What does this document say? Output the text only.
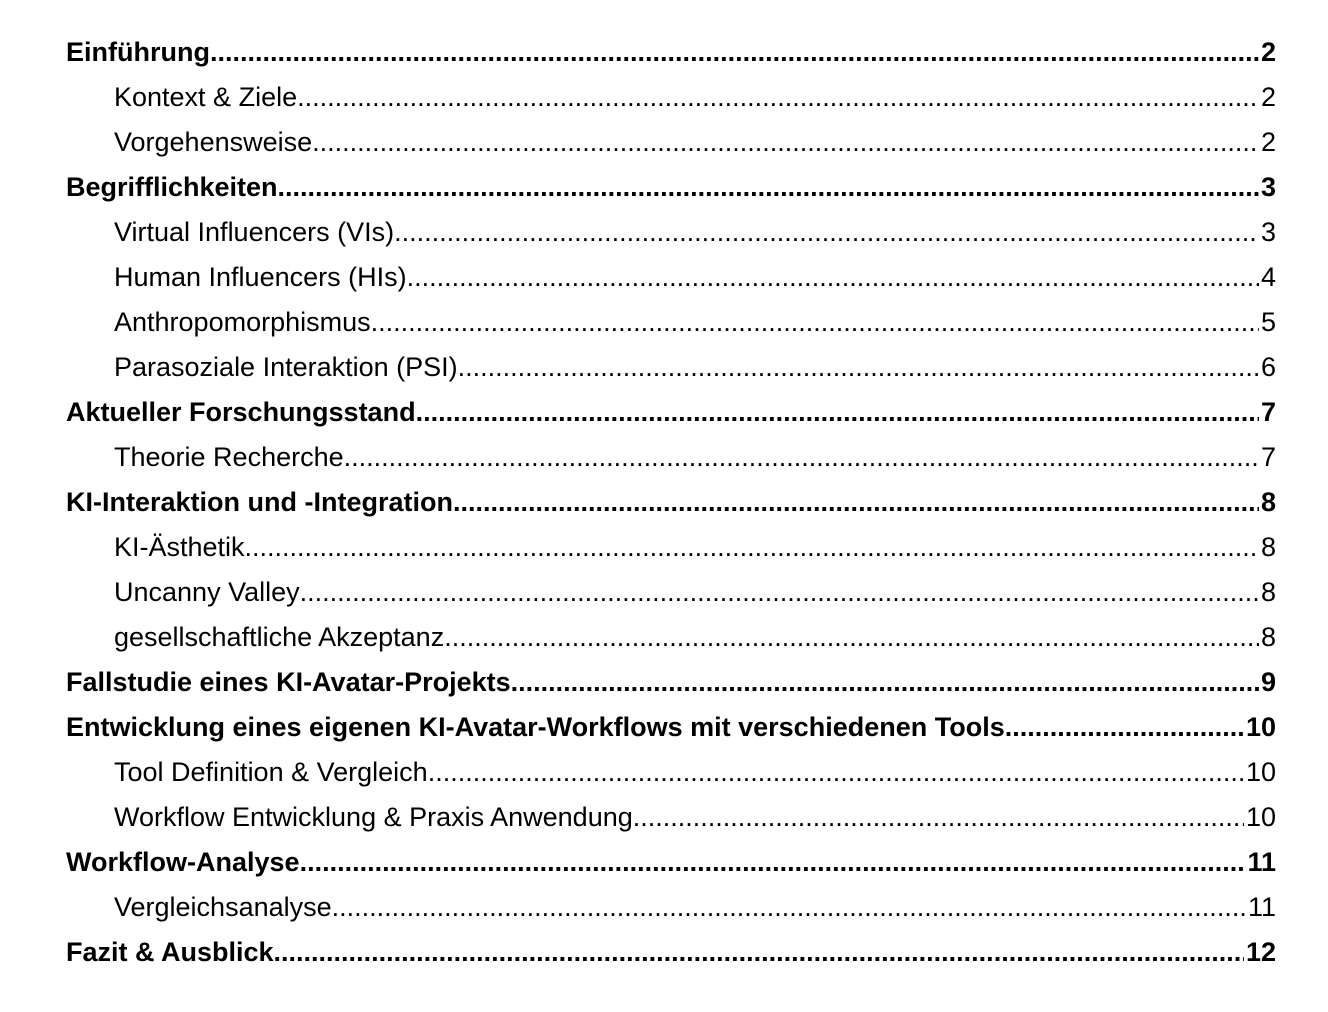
Einführung .....	2
Kontext & Ziele .....	2
Vorgehensweise .....	2
Begrifflichkeiten .....	3
Virtual Influencers (VIs) .....	3
Human Influencers (HIs) .....	4
Anthropomorphismus .....	5
Parasoziale Interaktion (PSI) .....	6
Aktueller Forschungsstand .....	7
Theorie Recherche .....	7
KI-Interaktion und -Integration .....	8
KI-Ästhetik .....	8
Uncanny Valley .....	8
gesellschaftliche Akzeptanz .....	8
Fallstudie eines KI-Avatar-Projekts .....	9
Entwicklung eines eigenen KI-Avatar-Workflows mit verschiedenen Tools .....	10
Tool Definition & Vergleich .....	10
Workflow Entwicklung & Praxis Anwendung .....	10
Workflow-Analyse .....	11
Vergleichsanalyse .....	11
Fazit & Ausblick .....	12
